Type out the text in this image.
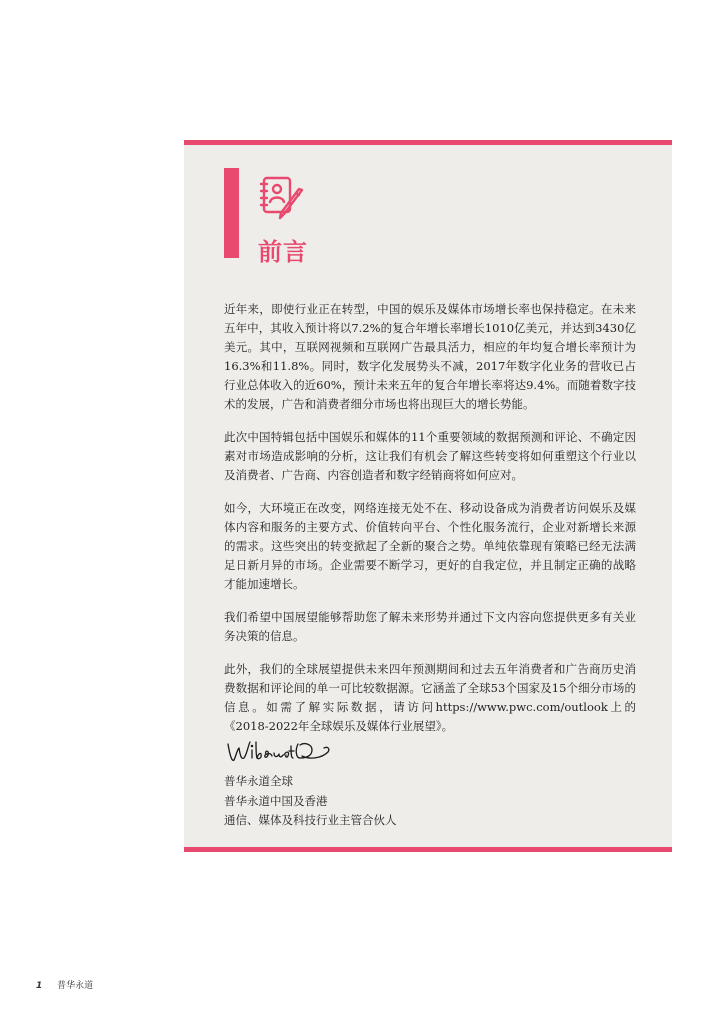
前言

近年来，即使行业正在转型，中国的娱乐及媒体市场增长率也保持稳定。在未来五年中，其收入预计将以7.2%的复合年增长率增长1010亿美元，并达到3430亿美元。其中，互联网视频和互联网广告最具活力，相应的年均复合增长率预计为16.3%和11.8%。同时，数字化发展势头不减，2017年数字化业务的营收已占行业总体收入的近60%，预计未来五年的复合年增长率将达9.4%。而随着数字技术的发展，广告和消费者细分市场也将出现巨大的增长势能。

此次中国特辑包括中国娱乐和媒体的11个重要领域的数据预测和评论、不确定因素对市场造成影响的分析，这让我们有机会了解这些转变将如何重塑这个行业以及消费者、广告商、内容创造者和数字经销商将如何应对。

如今，大环境正在改变，网络连接无处不在、移动设备成为消费者访问娱乐及媒体内容和服务的主要方式、价值转向平台、个性化服务流行，企业对新增长来源的需求。这些突出的转变掀起了全新的聚合之势。单纯依靠现有策略已经无法满足日新月异的市场。企业需要不断学习，更好的自我定位，并且制定正确的战略才能加速增长。

我们希望中国展望能够帮助您了解未来形势并通过下文内容向您提供更多有关业务决策的信息。

此外，我们的全球展望提供未来四年预测期间和过去五年消费者和广告商历史消费数据和评论间的单一可比较数据源。它涵盖了全球53个国家及15个细分市场的信息。如需了解实际数据，请访问https://www.pwc.com/outlook上的《2018-2022年全球娱乐及媒体行业展望》。

普华永道全球
普华永道中国及香港
通信、媒体及科技行业主管合伙人
1 普华永道
